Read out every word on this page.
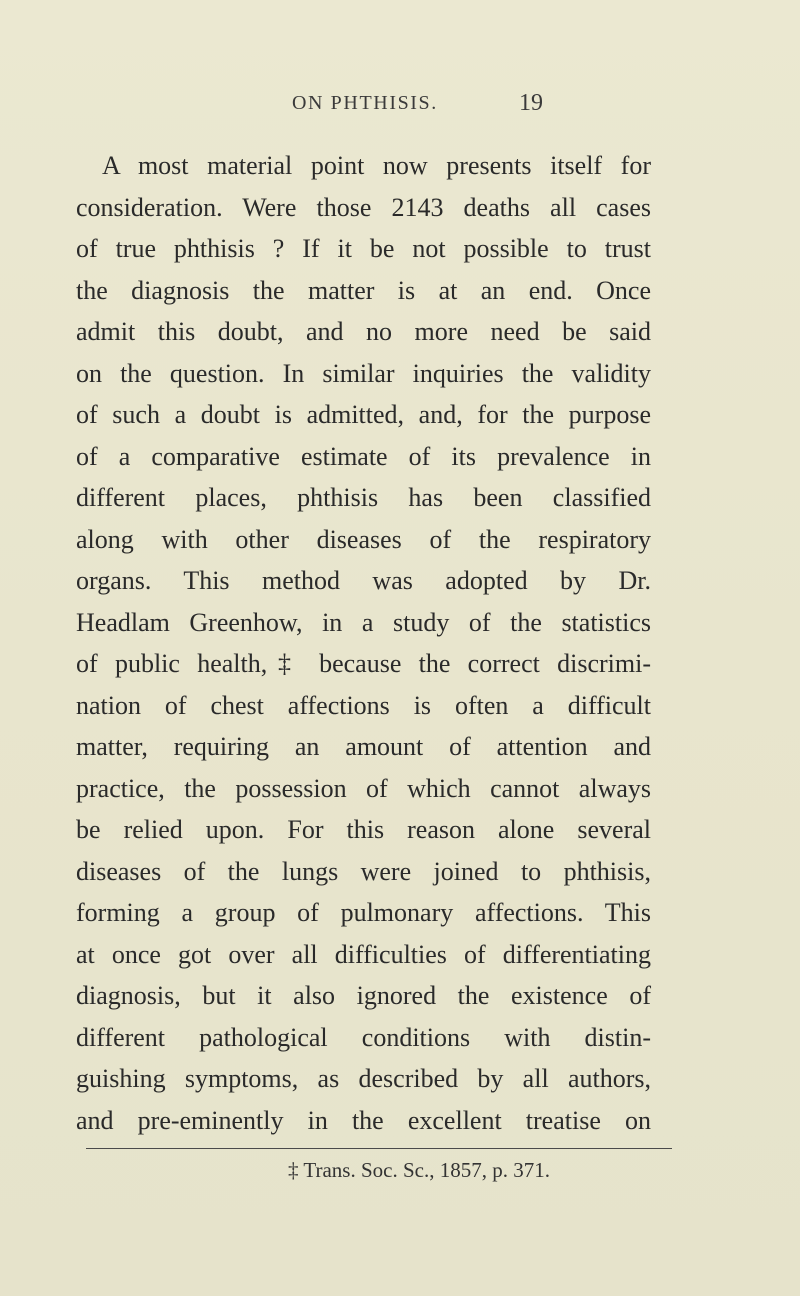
ON PHTHISIS.	19
A most material point now presents itself for
consideration. Were those 2143 deaths all cases
of true phthisis ? If it be not possible to trust
the diagnosis the matter is at an end. Once
admit this doubt, and no more need be said
on the question. In similar inquiries the validity
of such a doubt is admitted, and, for the purpose
of a comparative estimate of its prevalence in
different places, phthisis has been classified
along with other diseases of the respiratory
organs. This method was adopted by Dr.
Headlam Greenhow, in a study of the statistics
of public health,‡ because the correct discrimi-
nation of chest affections is often a difficult
matter, requiring an amount of attention and
practice, the possession of which cannot always
be relied upon. For this reason alone several
diseases of the lungs were joined to phthisis,
forming a group of pulmonary affections. This
at once got over all difficulties of differentiating
diagnosis, but it also ignored the existence of
different pathological conditions with distin-
guishing symptoms, as described by all authors,
and pre-eminently in the excellent treatise on
‡ Trans. Soc. Sc., 1857, p. 371.
